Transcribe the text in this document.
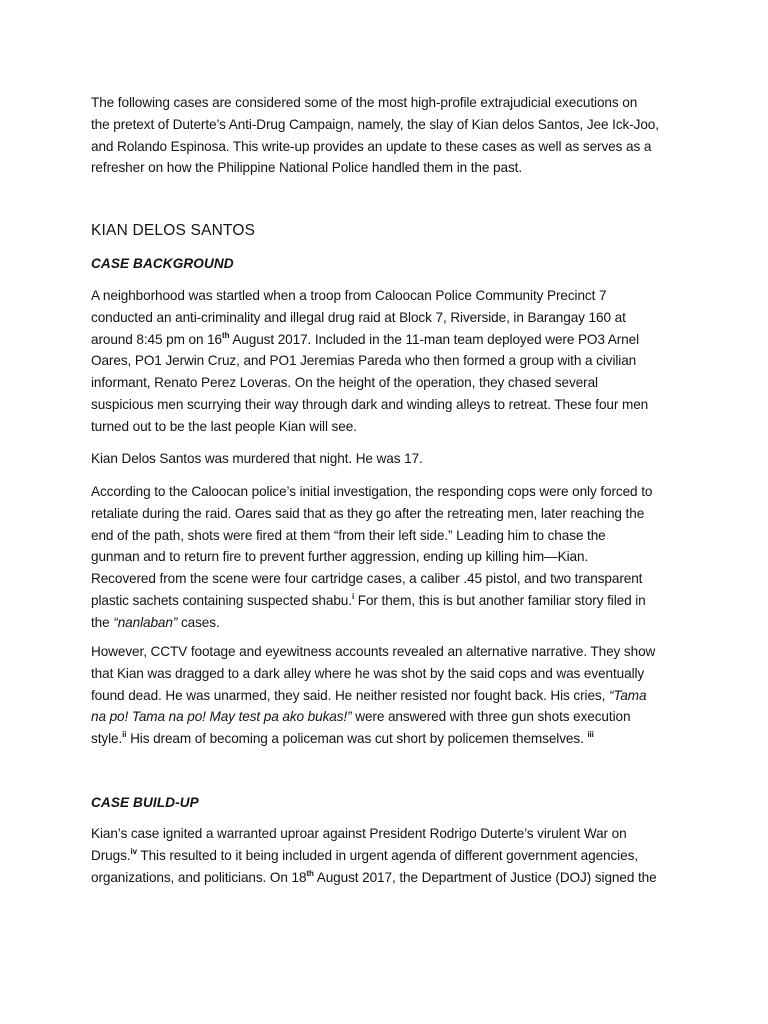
The following cases are considered some of the most high-profile extrajudicial executions on
the pretext of Duterte’s Anti-Drug Campaign, namely, the slay of Kian delos Santos, Jee Ick-Joo,
and Rolando Espinosa. This write-up provides an update to these cases as well as serves as a
refresher on how the Philippine National Police handled them in the past.

KIAN DELOS SANTOS
CASE BACKGROUND

A neighborhood was startled when a troop from Caloocan Police Community Precinct 7
conducted an anti-criminality and illegal drug raid at Block 7, Riverside, in Barangay 160 at
around 8:45 pm on 16th August 2017. Included in the 11-man team deployed were PO3 Arnel
Oares, PO1 Jerwin Cruz, and PO1 Jeremias Pareda who then formed a group with a civilian
informant, Renato Perez Loveras. On the height of the operation, they chased several
suspicious men scurrying their way through dark and winding alleys to retreat. These four men
turned out to be the last people Kian will see.

Kian Delos Santos was murdered that night. He was 17.

According to the Caloocan police’s initial investigation, the responding cops were only forced to
retaliate during the raid. Oares said that as they go after the retreating men, later reaching the
end of the path, shots were fired at them “from their left side.” Leading him to chase the
gunman and to return fire to prevent further aggression, ending up killing him—Kian.
Recovered from the scene were four cartridge cases, a caliber .45 pistol, and two transparent
plastic sachets containing suspected shabu.$^i$ For them, this is but another familiar story filed in
the “nanlaban” cases.

However, CCTV footage and eyewitness accounts revealed an alternative narrative. They show
that Kian was dragged to a dark alley where he was shot by the said cops and was eventually
found dead. He was unarmed, they said. He neither resisted nor fought back. His cries, “Tama
na po! Tama na po! May test pa ako bukas!” were answered with three gun shots execution
style.$^{ii}$ His dream of becoming a policeman was cut short by policemen themselves. $^{iii}$

CASE BUILD-UP

Kian’s case ignited a warranted uproar against President Rodrigo Duterte’s virulent War on
Drugs.$^{iv}$ This resulted to it being included in urgent agenda of different government agencies,
organizations, and politicians. On 18th August 2017, the Department of Justice (DOJ) signed the
